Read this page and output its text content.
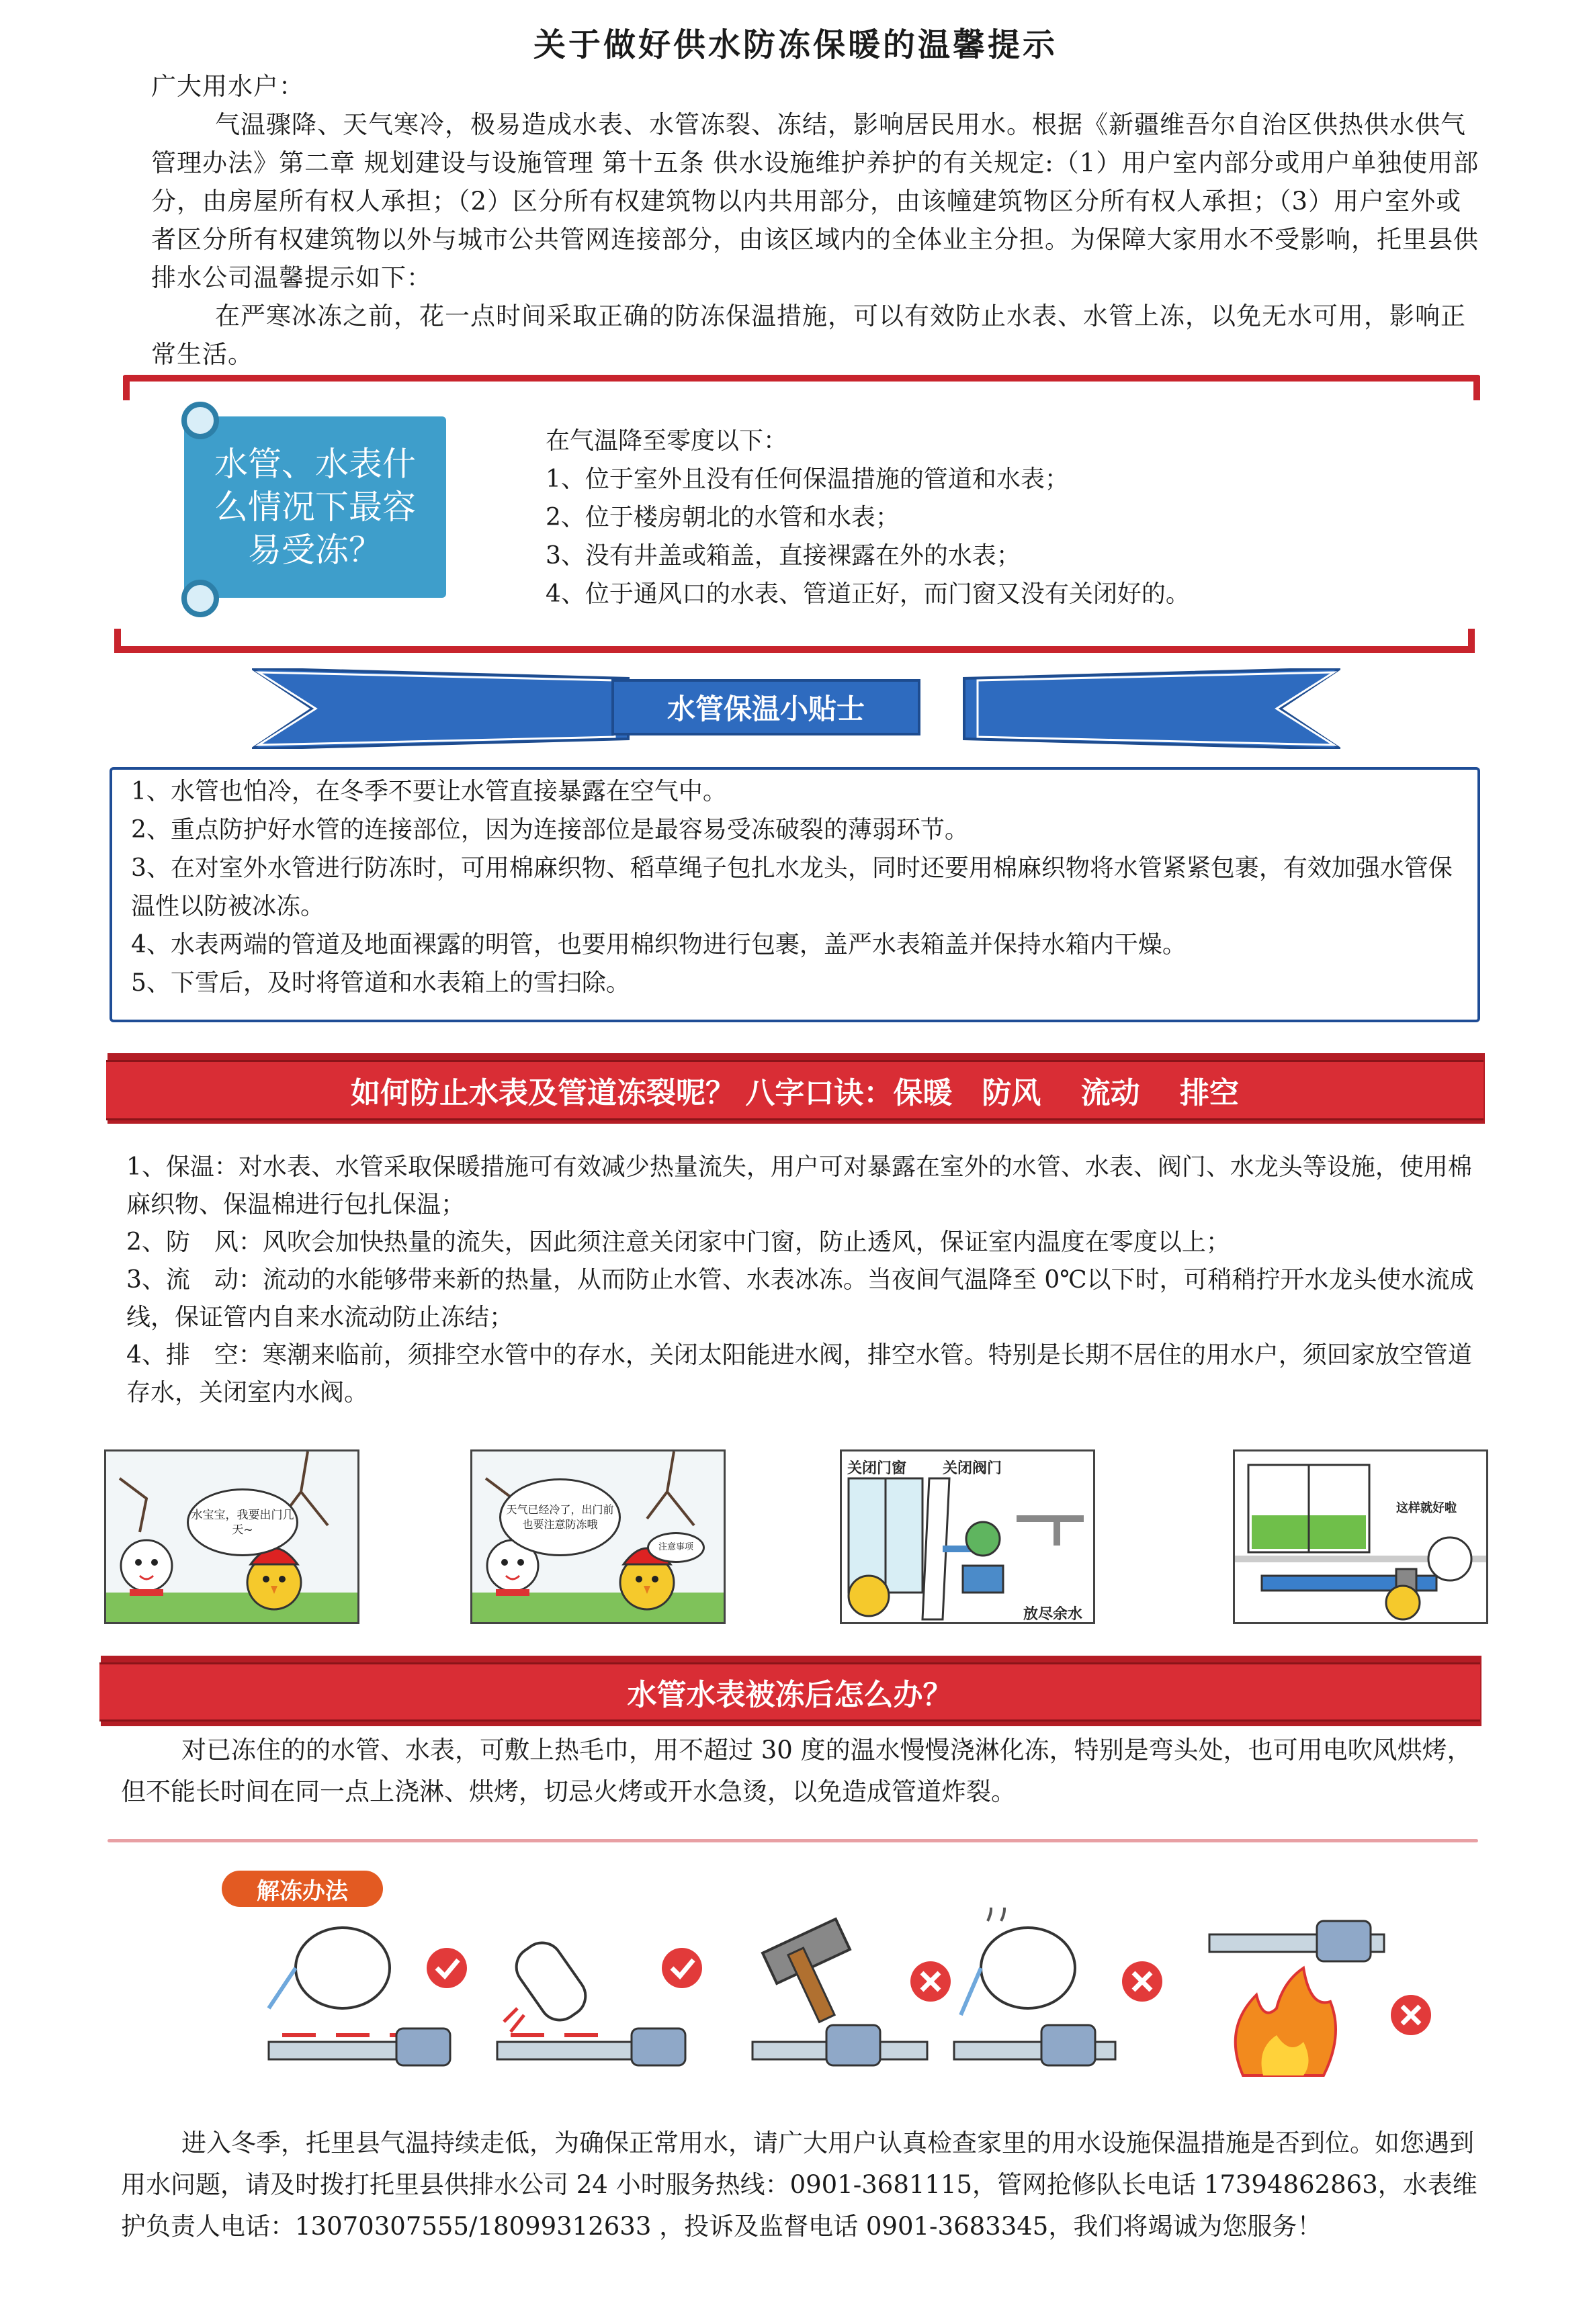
关于做好供水防冻保暖的温馨提示

广大用水户：

气温骤降、天气寒冷，极易造成水表、水管冻裂、冻结，影响居民用水。根据《新疆维吾尔自治区供热供水供气管理办法》第二章 规划建设与设施管理 第十五条 供水设施维护养护的有关规定:（1）用户室内部分或用户单独使用部分，由房屋所有权人承担；（2）区分所有权建筑物以内共用部分，由该幢建筑物区分所有权人承担；（3）用户室外或者区分所有权建筑物以外与城市公共管网连接部分，由该区域内的全体业主分担。为保障大家用水不受影响，托里县供排水公司温馨提示如下：

在严寒冰冻之前，花一点时间采取正确的防冻保温措施，可以有效防止水表、水管上冻，以免无水可用，影响正常生活。

水管、水表什么情况下最容易受冻？
在气温降至零度以下：
1、位于室外且没有任何保温措施的管道和水表；
2、位于楼房朝北的水管和水表；
3、没有井盖或箱盖，直接裸露在外的水表；
4、位于通风口的水表、管道正好，而门窗又没有关闭好的。
水管保温小贴士
1、水管也怕冷，在冬季不要让水管直接暴露在空气中。
2、重点防护好水管的连接部位，因为连接部位是最容易受冻破裂的薄弱环节。
3、在对室外水管进行防冻时，可用棉麻织物、稻草绳子包扎水龙头，同时还要用棉麻织物将水管紧紧包裹，有效加强水管保温性以防被冰冻。
4、水表两端的管道及地面裸露的明管，也要用棉织物进行包裹，盖严水表箱盖并保持水箱内干燥。
5、下雪后，及时将管道和水表箱上的雪扫除。
如何防止水表及管道冻裂呢？ 八字口诀：保暖　防风　 流动　 排空
1、保温：对水表、水管采取保暖措施可有效减少热量流失，用户可对暴露在室外的水管、水表、阀门、水龙头等设施，使用棉麻织物、保温棉进行包扎保温；
2、防　风：风吹会加快热量的流失，因此须注意关闭家中门窗，防止透风，保证室内温度在零度以上；
3、流　动：流动的水能够带来新的热量，从而防止水管、水表冰冻。当夜间气温降至 0℃以下时，可稍稍拧开水龙头使水流成线，保证管内自来水流动防止冻结；
4、排　空：寒潮来临前，须排空水管中的存水，关闭太阳能进水阀，排空水管。特别是长期不居住的用水户，须回家放空管道存水，关闭室内水阀。
水宝宝，我要出门几天~
天气已经冷了，出门前也要注意防冻哦
注意事项
关闭门窗 关闭阀门
放尽余水
这样就好啦
水管水表被冻后怎么办？
对已冻住的的水管、水表，可敷上热毛巾，用不超过 30 度的温水慢慢浇淋化冻，特别是弯头处，也可用电吹风烘烤，但不能长时间在同一点上浇淋、烘烤，切忌火烤或开水急烫，以免造成管道炸裂。
解冻办法

进入冬季，托里县气温持续走低，为确保正常用水，请广大用户认真检查家里的用水设施保温措施是否到位。如您遇到用水问题，请及时拨打托里县供排水公司 24 小时服务热线：0901-3681115，管网抢修队长电话 17394862863，水表维护负责人电话：13070307555/18099312633 ，投诉及监督电话 0901-3683345，我们将竭诚为您服务！
